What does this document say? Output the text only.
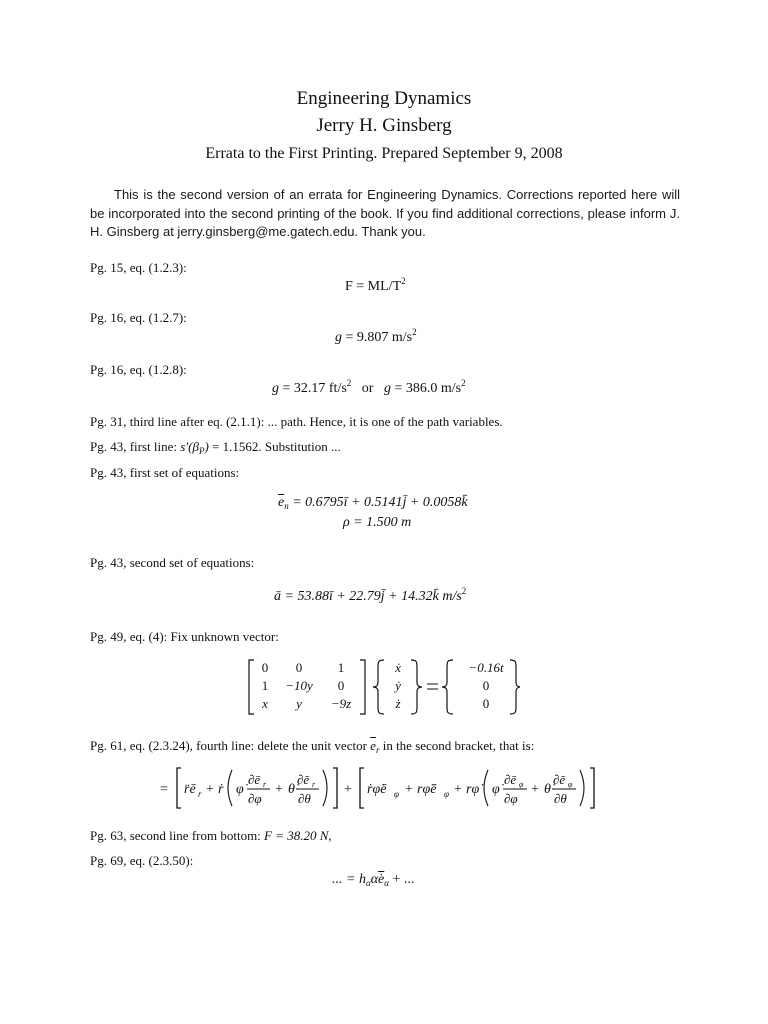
Engineering Dynamics
Jerry H. Ginsberg
Errata to the First Printing. Prepared September 9, 2008

This is the second version of an errata for Engineering Dynamics. Corrections reported here will be incorporated into the second printing of the book. If you find additional corrections, please inform J. H. Ginsberg at jerry.ginsberg@me.gatech.edu. Thank you.

Pg. 15, eq. (1.2.3):
$F = ML/T^2$
Pg. 16, eq. (1.2.7):
g = 9.807 $m/s^2$
Pg. 16, eq. (1.2.8):
g = 32.17 $ft/s^2$ or g = 386.0 $m/s^2$
Pg. 31, third line after eq. (2.1.1): ... path. Hence, it is one of the path variables.
Pg. 43, first line: $s'(\beta_P) = 1.1562$. Substitution ...
Pg. 43, first set of equations:
$\overline{e}_n$ = 0.6795ī + 0.5141j̄ + 0.0058k̄
ρ = 1.500 m
Pg. 43, second set of equations:
ā = 53.88ī + 22.79j̄ + 14.32k̄ $m/s^2$
Pg. 49, eq. (4): Fix unknown vector:
0	0	1
1	−10y	0
x	y	−9z
ẋ
ẏ
ż
−0.16t
0
0
Pg. 61, eq. (2.3.24), fourth line: delete the unit vector $\overline{e}_r$ in the second bracket, that is:
= r̈ē r + ṙ φ̇
∂ē r
∂φ
+ θ̇
∂ē r
∂θ
+ ṙφ̇ē φ + rφ̈ē φ + rφ̇ φ̇
∂ē φ
∂φ
+ θ̇
∂ē φ
∂θ
Pg. 63, second line from bottom: F = 38.20 N,
Pg. 69, eq. (2.3.50):
... = $h_\alpha\alphȧ\overline{e}_\alpha$ + ...
